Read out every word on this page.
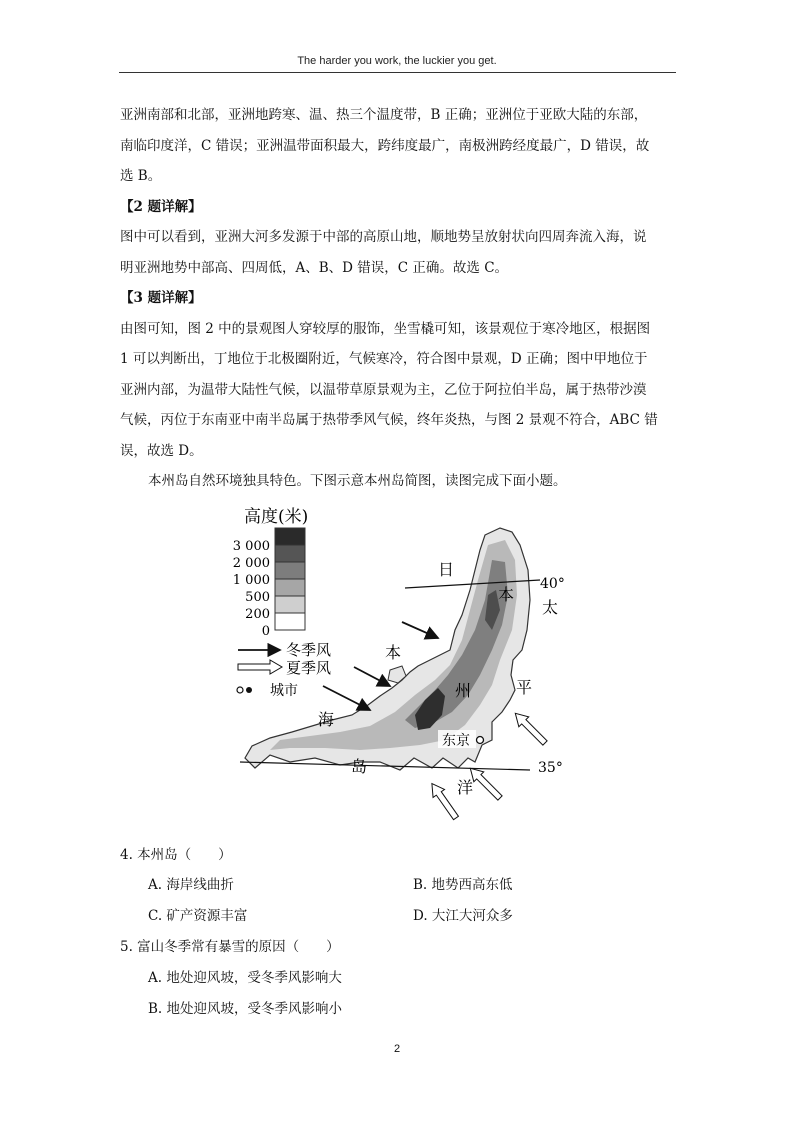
The harder you work, the luckier you get.

亚洲南部和北部，亚洲地跨寒、温、热三个温度带，B 正确；亚洲位于亚欧大陆的东部，
南临印度洋，C 错误；亚洲温带面积最大，跨纬度最广，南极洲跨经度最广，D 错误，故
选 B。

【2 题详解】

图中可以看到，亚洲大河多发源于中部的高原山地，顺地势呈放射状向四周奔流入海，说
明亚洲地势中部高、四周低，A、B、D 错误，C 正确。故选 C。

【3 题详解】

由图可知，图 2 中的景观图人穿较厚的服饰，坐雪橇可知，该景观位于寒冷地区，根据图
1 可以判断出，丁地位于北极圈附近，气候寒冷，符合图中景观，D 正确；图中甲地位于
亚洲内部，为温带大陆性气候，以温带草原景观为主，乙位于阿拉伯半岛，属于热带沙漠
气候，丙位于东南亚中南半岛属于热带季风气候，终年炎热，与图 2 景观不符合，ABC 错
误，故选 D。

本州岛自然环境独具特色。下图示意本州岛简图，读图完成下面小题。

高度(米)
3 000
2 000
1 000
500
200
0
冬季风
夏季风
城市
40°
35°
日
本
海
本
州
岛
太
平
洋
东京
4. 本州岛（　　）
A. 海岸线曲折	B. 地势西高东低
C. 矿产资源丰富	D. 大江大河众多
5. 富山冬季常有暴雪的原因（　　）
A. 地处迎风坡，受冬季风影响大
B. 地处迎风坡，受冬季风影响小
2
